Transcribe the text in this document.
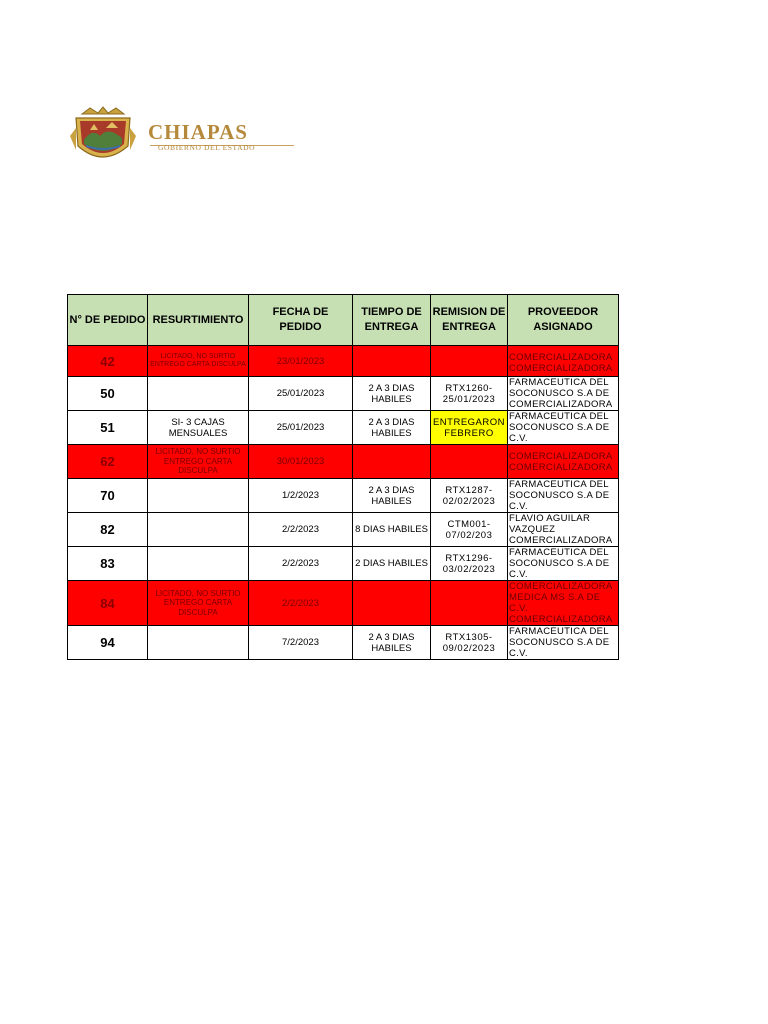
CHIAPAS
GOBIERNO DEL ESTADO
N° DE PEDIDO	RESURTIMIENTO	FECHA DE PEDIDO	TIEMPO DE ENTREGA	REMISION DE ENTREGA	PROVEEDOR ASIGNADO
42	LICITADO, NO SURTIO ENTREGO CARTA DISCULPA	23/01/2023			COMERCIALIZADORA COMERCIALIZADORA
50		25/01/2023	2 A 3 DIAS HABILES	RTX1260- 25/01/2023	FARMACEUTICA DEL SOCONUSCO S.A DE COMERCIALIZADORA
51	SI- 3 CAJAS MENSUALES	25/01/2023	2 A 3 DIAS HABILES	ENTREGARON FEBRERO	FARMACEUTICA DEL SOCONUSCO S.A DE C.V.
62	LICITADO, NO SURTIO ENTREGO CARTA DISCULPA	30/01/2023			COMERCIALIZADORA COMERCIALIZADORA
70		1/2/2023	2 A 3 DIAS HABILES	RTX1287- 02/02/2023	FARMACEUTICA DEL SOCONUSCO S.A DE C.V.
82		2/2/2023	8 DIAS HABILES	CTM001- 07/02/203	FLAVIO AGUILAR VAZQUEZ COMERCIALIZADORA
83		2/2/2023	2 DIAS HABILES	RTX1296- 03/02/2023	FARMACEUTICA DEL SOCONUSCO S.A DE C.V.
84	LICITADO, NO SURTIO ENTREGO CARTA DISCULPA	2/2/2023			COMERCIALIZADORA MEDICA MS S.A DE C.V. COMERCIALIZADORA
94		7/2/2023	2 A 3 DIAS HABILES	RTX1305- 09/02/2023	FARMACEUTICA DEL SOCONUSCO S.A DE C.V.
